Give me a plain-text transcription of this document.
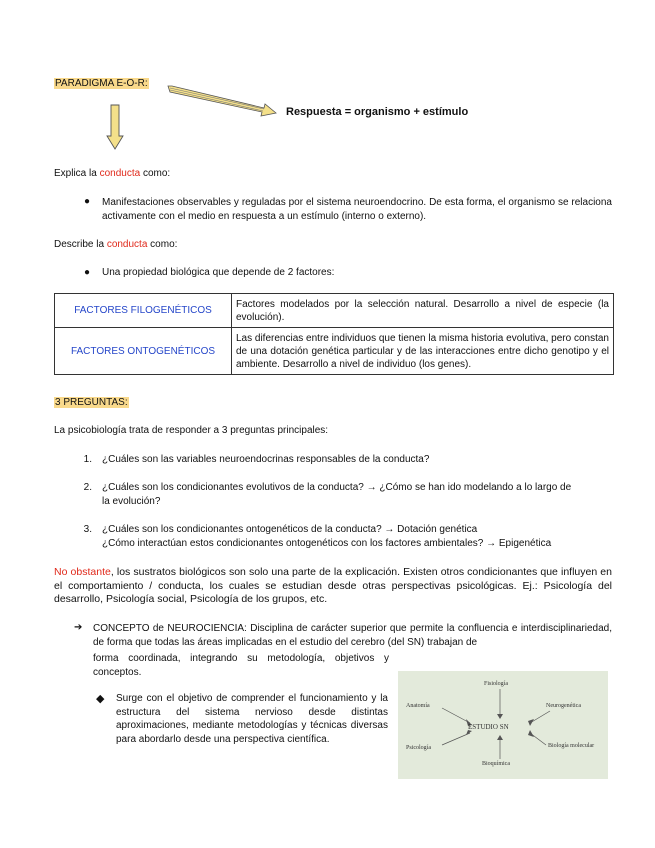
PARADIGMA E-O-R:
Respuesta = organismo + estímulo
Explica la conducta como:
● Manifestaciones observables y reguladas por el sistema neuroendocrino. De esta forma, el organismo se relaciona activamente con el medio en respuesta a un estímulo (interno o externo).
Describe la conducta como:
● Una propiedad biológica que depende de 2 factores:
FACTORES FILOGENÉTICOS	Factores modelados por la selección natural. Desarrollo a nivel de especie (la evolución).
FACTORES ONTOGENÉTICOS	Las diferencias entre individuos que tienen la misma historia evolutiva, pero constan de una dotación genética particular y de las interacciones entre dicho genotipo y el ambiente. Desarrollo a nivel de individuo (los genes).
3 PREGUNTAS:
La psicobiología trata de responder a 3 preguntas principales:
1. ¿Cuáles son las variables neuroendocrinas responsables de la conducta?
2. ¿Cuáles son los condicionantes evolutivos de la conducta? → ¿Cómo se han ido modelando a lo largo de
la evolución?
3. ¿Cuáles son los condicionantes ontogenéticos de la conducta? → Dotación genética
¿Cómo interactúan estos condicionantes ontogenéticos con los factores ambientales? → Epigenética
No obstante, los sustratos biológicos son solo una parte de la explicación. Existen otros condicionantes que influyen en el comportamiento / conducta, los cuales se estudian desde otras perspectivas psicológicas. Ej.: Psicología del desarrollo, Psicología social, Psicología de los grupos, etc.
➔ CONCEPTO de NEUROCIENCIA: Disciplina de carácter superior que permite la confluencia e interdisciplinariedad, de forma que todas las áreas implicadas en el estudio del cerebro (del SN) trabajan de
forma coordinada, integrando su metodología, objetivos y conceptos.
◆ Surge con el objetivo de comprender el funcionamiento y la estructura del sistema nervioso desde distintas aproximaciones, mediante metodologías y técnicas diversas para abordarlo desde una perspectiva científica.
Fisiología
Anatomía
ESTUDIO SN
Psicología
Bioquímica
Neurogenética
Biología molecular
